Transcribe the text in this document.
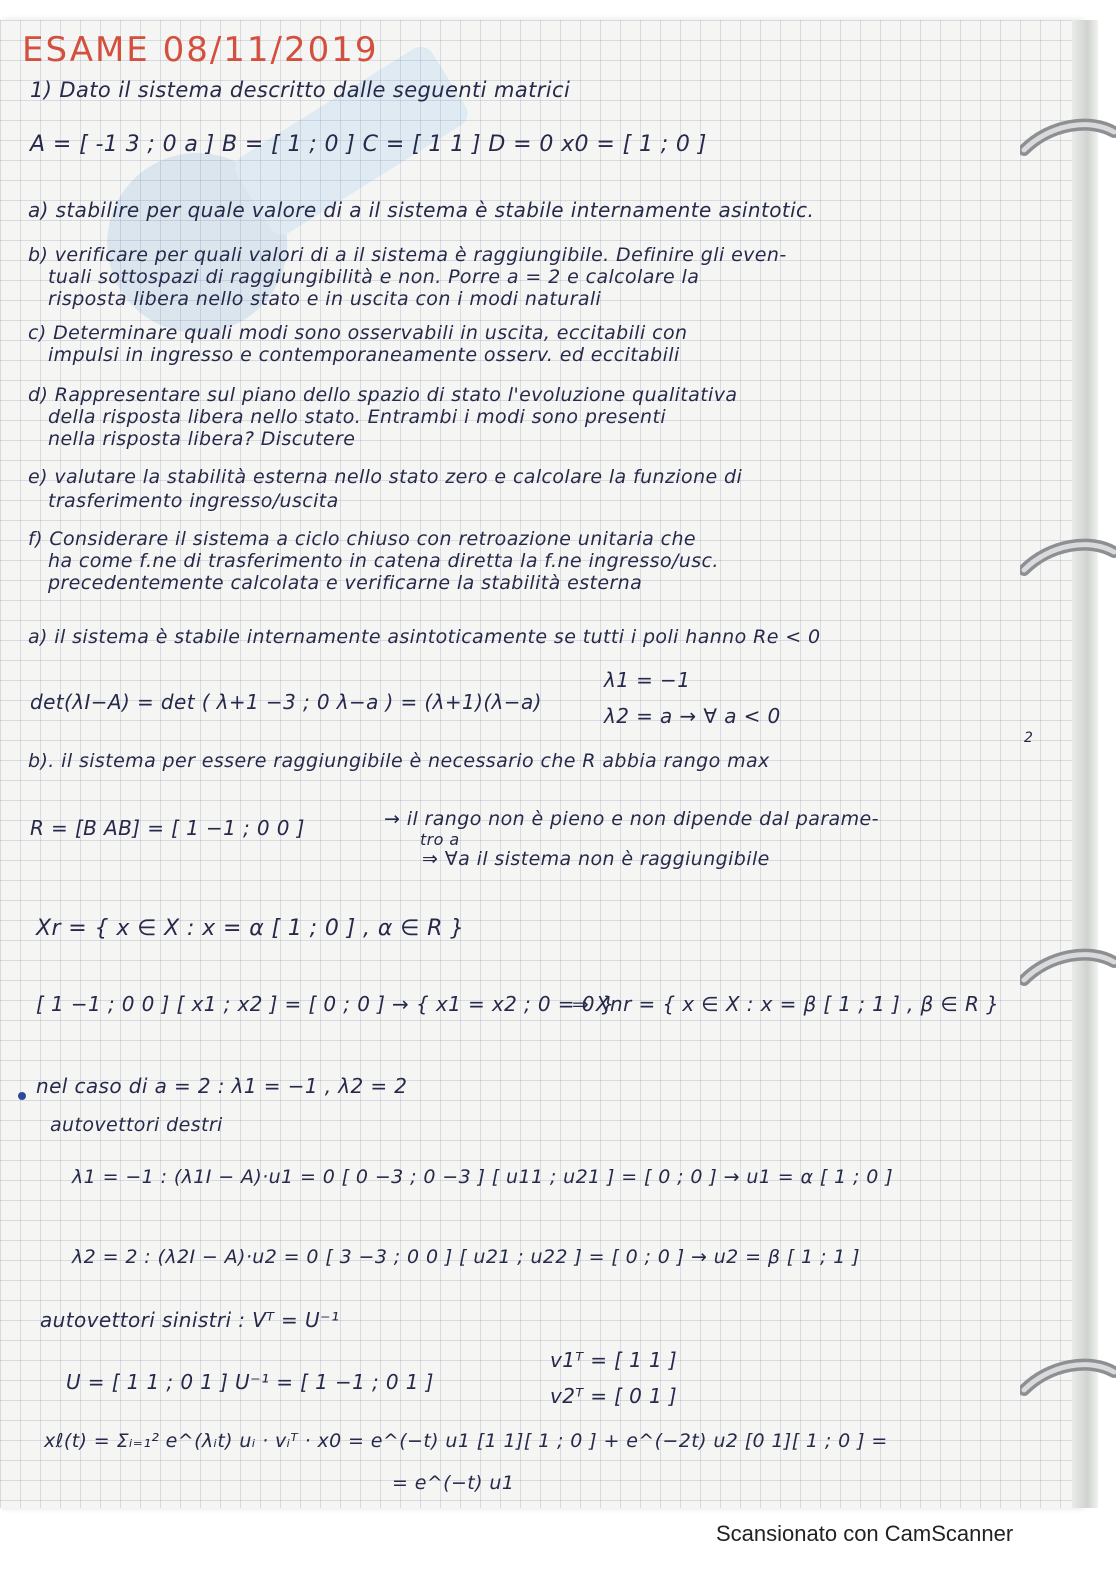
ESAME 08/11/2019

1) Dato il sistema descritto dalle seguenti matrici

A = [ -1 3 ; 0 a ] B = [ 1 ; 0 ] C = [ 1 1 ] D = 0 x0 = [ 1 ; 0 ]

a) stabilire per quale valore di a il sistema è stabile internamente asintotic.

b) verificare per quali valori di a il sistema è raggiungibile. Definire gli even-

tuali sottospazi di raggiungibilità e non. Porre a = 2 e calcolare la

risposta libera nello stato e in uscita con i modi naturali

c) Determinare quali modi sono osservabili in uscita, eccitabili con

impulsi in ingresso e contemporaneamente osserv. ed eccitabili

d) Rappresentare sul piano dello spazio di stato l'evoluzione qualitativa

della risposta libera nello stato. Entrambi i modi sono presenti

nella risposta libera? Discutere

e) valutare la stabilità esterna nello stato zero e calcolare la funzione di

trasferimento ingresso/uscita

f) Considerare il sistema a ciclo chiuso con retroazione unitaria che

ha come f.ne di trasferimento in catena diretta la f.ne ingresso/usc.

precedentemente calcolata e verificarne la stabilità esterna

a) il sistema è stabile internamente asintoticamente se tutti i poli hanno Re < 0

det(λI−A) = det ( λ+1 −3 ; 0 λ−a ) = (λ+1)(λ−a)

λ1 = −1

λ2 = a → ∀ a < 0

b). il sistema per essere raggiungibile è necessario che R abbia rango max

2

R = [B AB] = [ 1 −1 ; 0 0 ]	→ il rango non è pieno e non dipende dal parame-

tro a

⇒ ∀a il sistema non è raggiungibile

Xr = { x ∈ X : x = α [ 1 ; 0 ] , α ∈ R }

[ 1 −1 ; 0 0 ] [ x1 ; x2 ] = [ 0 ; 0 ] → { x1 = x2 ; 0 = 0 }

⇒ Xnr = { x ∈ X : x = β [ 1 ; 1 ] , β ∈ R }

nel caso di a = 2 : λ1 = −1 , λ2 = 2

autovettori destri

λ1 = −1 : (λ1I − A)·u1 = 0 [ 0 −3 ; 0 −3 ] [ u11 ; u21 ] = [ 0 ; 0 ] → u1 = α [ 1 ; 0 ]

λ2 = 2 : (λ2I − A)·u2 = 0 [ 3 −3 ; 0 0 ] [ u21 ; u22 ] = [ 0 ; 0 ] → u2 = β [ 1 ; 1 ]

autovettori sinistri : Vᵀ = U⁻¹

U = [ 1 1 ; 0 1 ] U⁻¹ = [ 1 −1 ; 0 1 ]

v1ᵀ = [ 1 1 ]

v2ᵀ = [ 0 1 ]

xℓ(t) = Σᵢ₌₁² e^(λᵢt) uᵢ · vᵢᵀ · x0 = e^(−t) u1 [1 1][ 1 ; 0 ] + e^(−2t) u2 [0 1][ 1 ; 0 ] =

= e^(−t) u1

Scansionato con CamScanner
